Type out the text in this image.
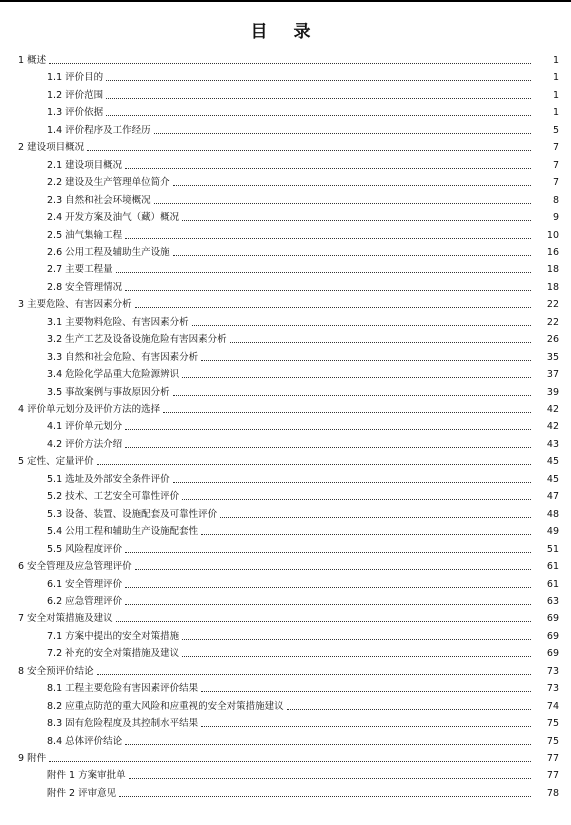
目 录
1 概述	1
1.1 评价目的	1
1.2 评价范围	1
1.3 评价依据	1
1.4 评价程序及工作经历	5
2 建设项目概况	7
2.1 建设项目概况	7
2.2 建设及生产管理单位简介	7
2.3 自然和社会环境概况	8
2.4 开发方案及油气（藏）概况	9
2.5 油气集输工程	10
2.6 公用工程及辅助生产设施	16
2.7 主要工程量	18
2.8 安全管理情况	18
3 主要危险、有害因素分析	22
3.1 主要物料危险、有害因素分析	22
3.2 生产工艺及设备设施危险有害因素分析	26
3.3 自然和社会危险、有害因素分析	35
3.4 危险化学品重大危险源辨识	37
3.5 事故案例与事故原因分析	39
4 评价单元划分及评价方法的选择	42
4.1 评价单元划分	42
4.2 评价方法介绍	43
5 定性、定量评价	45
5.1 选址及外部安全条件评价	45
5.2 技术、工艺安全可靠性评价	47
5.3 设备、装置、设施配套及可靠性评价	48
5.4 公用工程和辅助生产设施配套性	49
5.5 风险程度评价	51
6 安全管理及应急管理评价	61
6.1 安全管理评价	61
6.2 应急管理评价	63
7 安全对策措施及建议	69
7.1 方案中提出的安全对策措施	69
7.2 补充的安全对策措施及建议	69
8 安全预评价结论	73
8.1 工程主要危险有害因素评价结果	73
8.2 应重点防范的重大风险和应重视的安全对策措施建议	74
8.3 固有危险程度及其控制水平结果	75
8.4 总体评价结论	75
9 附件	77
附件 1 方案审批单	77
附件 2 评审意见	78
